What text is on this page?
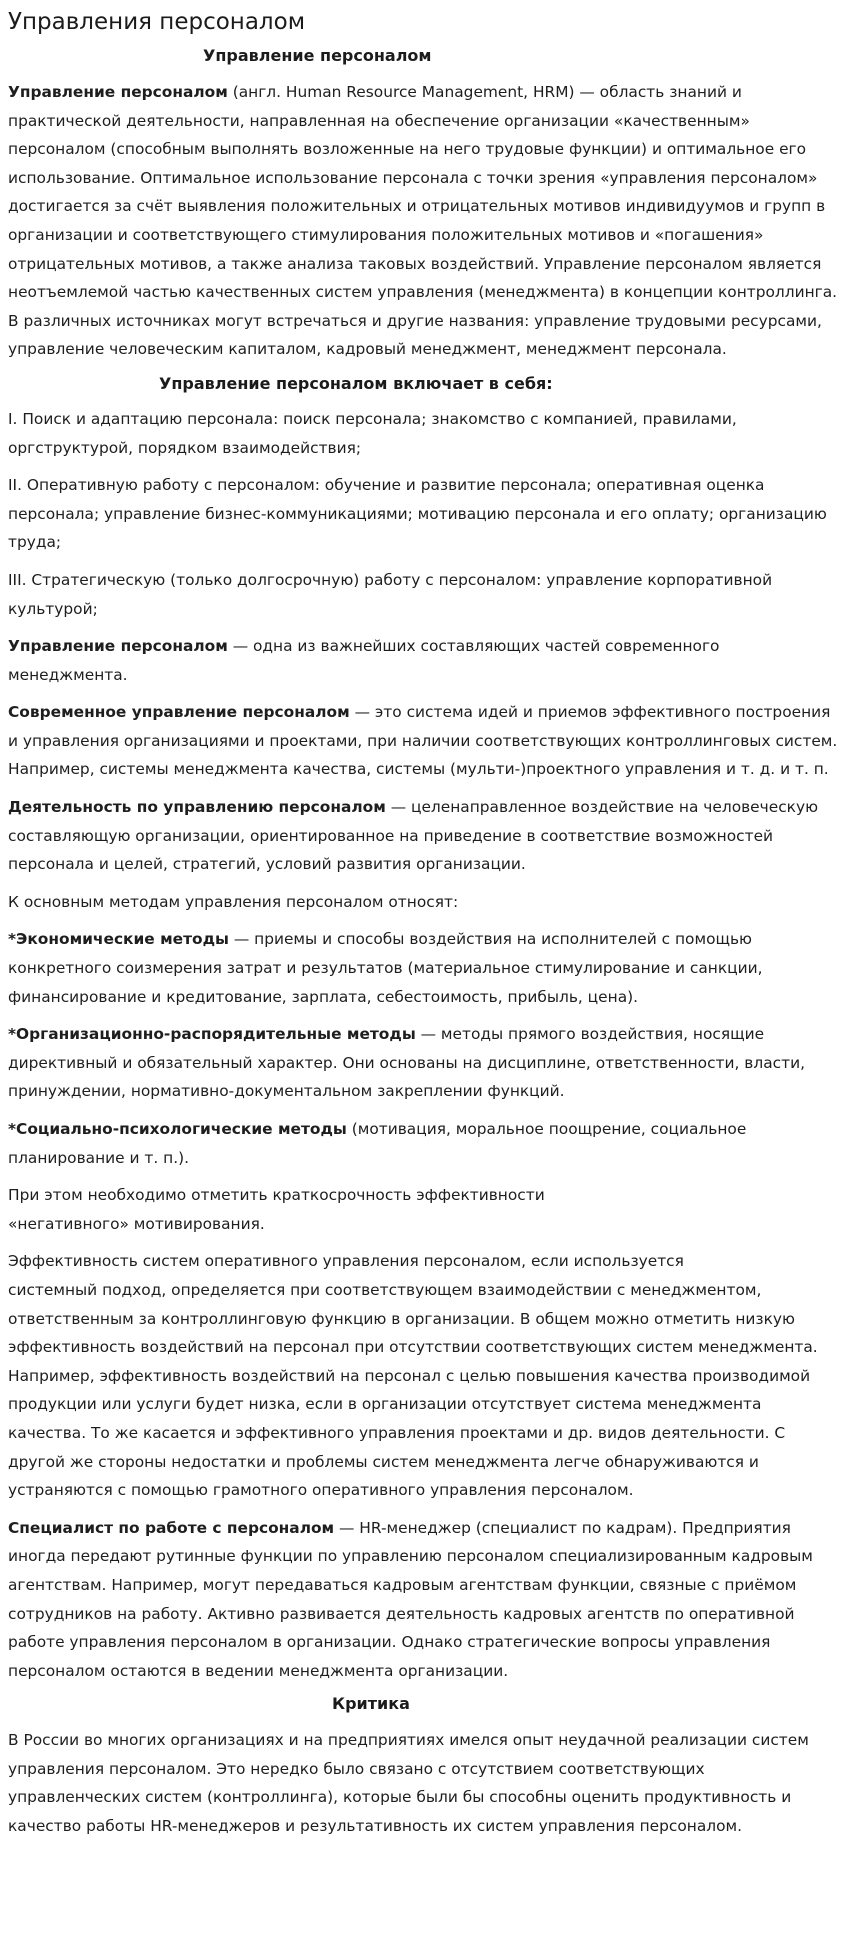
Управления персоналом
Управление персоналом

Управление персоналом (англ. Human Resource Management, HRM) — область знаний и практической деятельности, направленная на обеспечение организации «качественным» персоналом (способным выполнять возложенные на него трудовые функции) и оптимальное его использование. Оптимальное использование персонала с точки зрения «управления персоналом» достигается за счёт выявления положительных и отрицательных мотивов индивидуумов и групп в организации и соответствующего стимулирования положительных мотивов и «погашения» отрицательных мотивов, а также анализа таковых воздействий. Управление персоналом является неотъемлемой частью качественных систем управления (менеджмента) в концепции контроллинга. В различных источниках могут встречаться и другие названия: управление трудовыми ресурсами, управление человеческим капиталом, кадровый менеджмент, менеджмент персонала.

Управление персоналом включает в себя:

I. Поиск и адаптацию персонала: поиск персонала; знакомство с компанией, правилами, оргструктурой, порядком взаимодействия;

II. Оперативную работу с персоналом: обучение и развитие персонала; оперативная оценка персонала; управление бизнес-коммуникациями; мотивацию персонала и его оплату; организацию труда;

III. Стратегическую (только долгосрочную) работу с персоналом: управление корпоративной культурой;

Управление персоналом — одна из важнейших составляющих частей современного менеджмента.

Современное управление персоналом — это система идей и приемов эффективного построения и управления организациями и проектами, при наличии соответствующих контроллинговых систем. Например, системы менеджмента качества, системы (мульти-)проектного управления и т. д. и т. п.

Деятельность по управлению персоналом — целенаправленное воздействие на человеческую составляющую организации, ориентированное на приведение в соответствие возможностей персонала и целей, стратегий, условий развития организации.

К основным методам управления персоналом относят:

*Экономические методы — приемы и способы воздействия на исполнителей с помощью конкретного соизмерения затрат и результатов (материальное стимулирование и санкции, финансирование и кредитование, зарплата, себестоимость, прибыль, цена).

*Организационно-распорядительные методы — методы прямого воздействия, носящие директивный и обязательный характер. Они основаны на дисциплине, ответственности, власти, принуждении, нормативно-документальном закреплении функций.

*Социально-психологические методы (мотивация, моральное поощрение, социальное планирование и т. п.).

При этом необходимо отметить краткосрочность эффективности
«негативного» мотивирования.

Эффективность систем оперативного управления персоналом, если используется
системный подход, определяется при соответствующем взаимодействии с менеджментом,
ответственным за контроллинговую функцию в организации. В общем можно отметить низкую эффективность воздействий на персонал при отсутствии соответствующих систем менеджмента. Например, эффективность воздействий на персонал с целью повышения качества производимой продукции или услуги будет низка, если в организации отсутствует система менеджмента качества. То же касается и эффективного управления проектами и др. видов деятельности. С другой же стороны недостатки и проблемы систем менеджмента легче обнаруживаются и устраняются с помощью грамотного оперативного управления персоналом.

Специалист по работе с персоналом — HR-менеджер (специалист по кадрам). Предприятия иногда передают рутинные функции по управлению персоналом специализированным кадровым агентствам. Например, могут передаваться кадровым агентствам функции, связные с приёмом сотрудников на работу. Активно развивается деятельность кадровых агентств по оперативной работе управления персоналом в организации. Однако стратегические вопросы управления персоналом остаются в ведении менеджмента организации.

Критика

В России во многих организациях и на предприятиях имелся опыт неудачной реализации систем управления персоналом. Это нередко было связано с отсутствием соответствующих управленческих систем (контроллинга), которые были бы способны оценить продуктивность и качество работы HR-менеджеров и результативность их систем управления персоналом.
